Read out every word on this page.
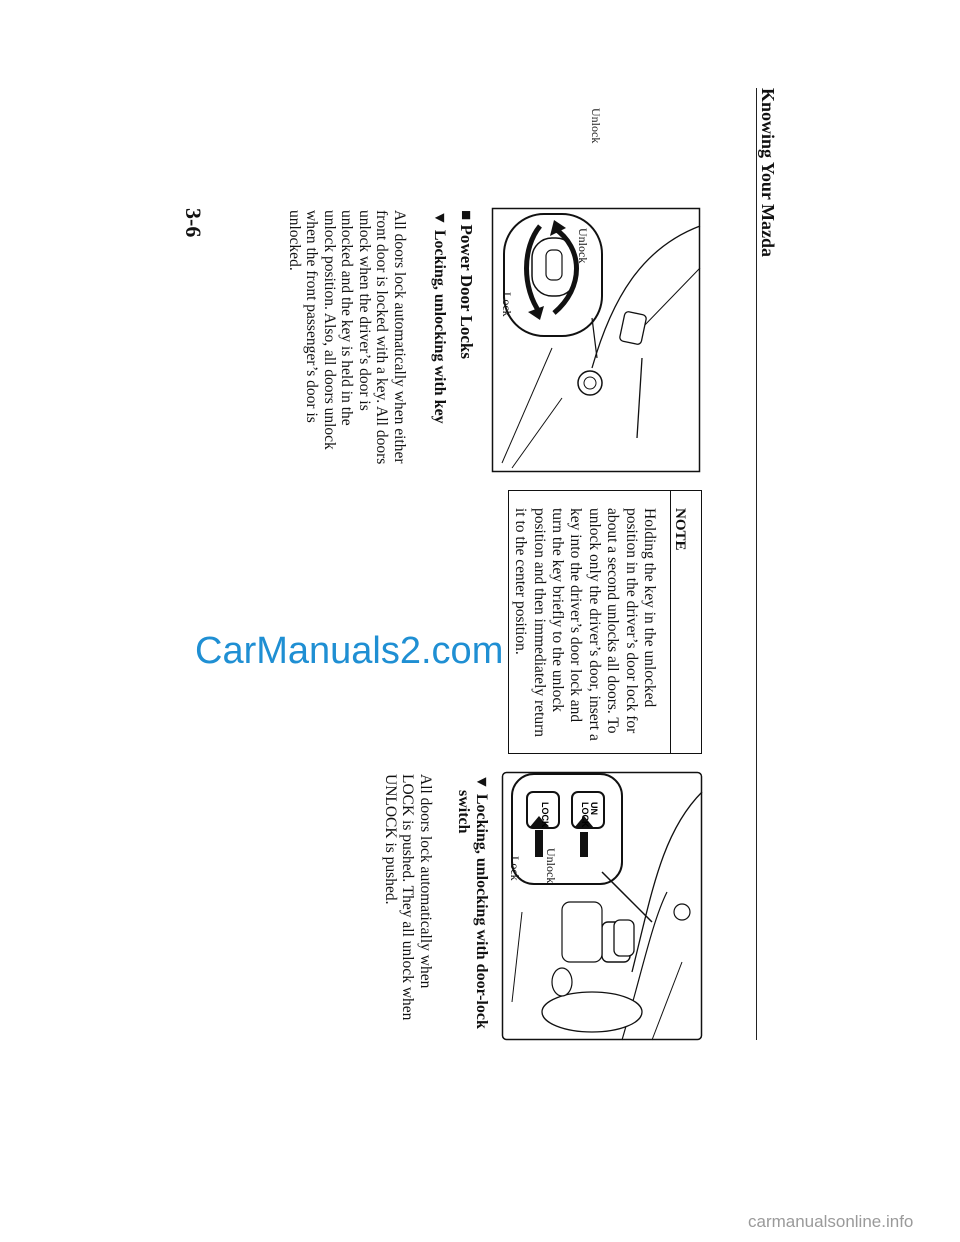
Knowing Your Mazda
3-6
Unlock
Unlock
Lock
■ Power Door Locks
▼ Locking, unlocking with key
All doors lock automatically when either
front door is locked with a key. All doors
unlock when the driver’s door is
unlocked and the key is held in the
unlock position. Also, all doors unlock
when the front passenger’s door is
unlocked.
NOTE
Holding the key in the unlocked
position in the driver’s door lock for
about a second unlocks all doors. To
unlock only the driver’s door, insert a
key into the driver’s door lock and
turn the key briefly to the unlock
position and then immediately return
it to the center position.
CarManuals2.com
UN
LOCK
LOCK
Unlock
Lock
▼ Locking, unlocking with door-lock
switch
All doors lock automatically when
LOCK is pushed. They all unlock when
UNLOCK is pushed.
carmanualsonline.info
